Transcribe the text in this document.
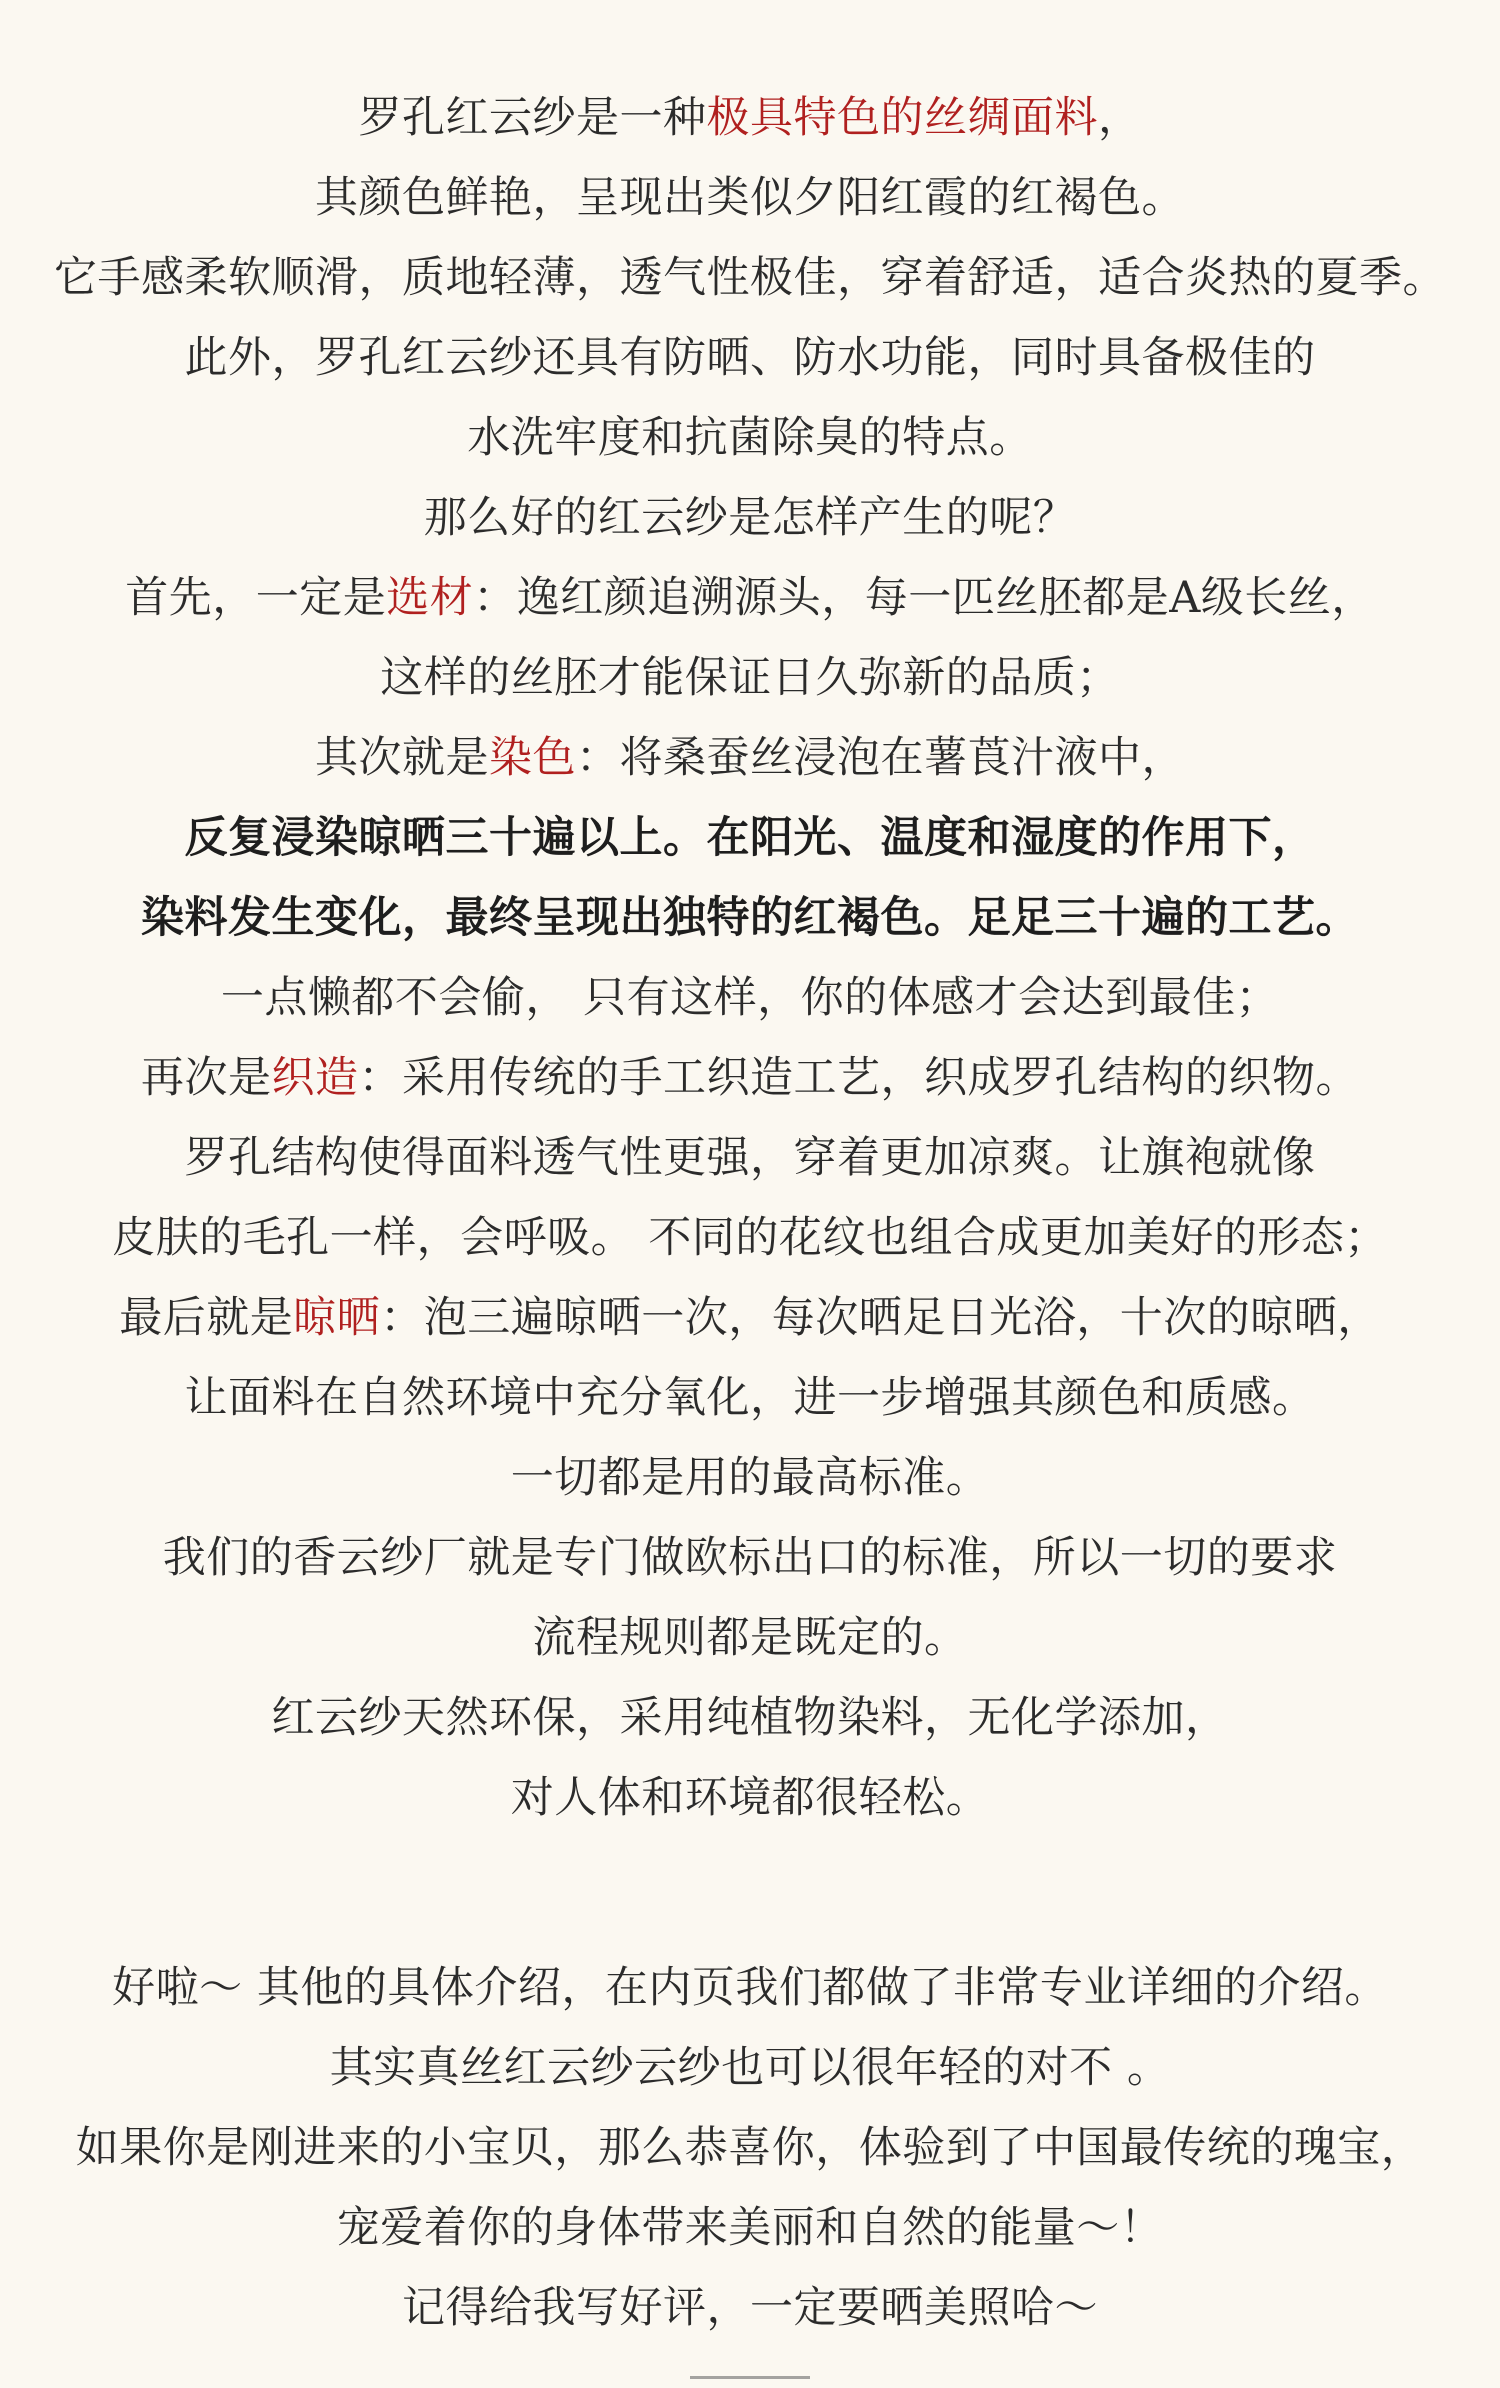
罗孔红云纱是一种极具特色的丝绸面料，
其颜色鲜艳，呈现出类似夕阳红霞的红褐色。
它手感柔软顺滑，质地轻薄，透气性极佳，穿着舒适，适合炎热的夏季。
此外，罗孔红云纱还具有防晒、防水功能，同时具备极佳的
水洗牢度和抗菌除臭的特点。
那么好的红云纱是怎样产生的呢？
首先，一定是选材：逸红颜追溯源头，每一匹丝胚都是A级长丝，
这样的丝胚才能保证日久弥新的品质；
其次就是染色：将桑蚕丝浸泡在薯莨汁液中，
反复浸染晾晒三十遍以上。在阳光、温度和湿度的作用下，
染料发生变化，最终呈现出独特的红褐色。足足三十遍的工艺。
一点懒都不会偷， 只有这样，你的体感才会达到最佳；
再次是织造：采用传统的手工织造工艺，织成罗孔结构的织物。
罗孔结构使得面料透气性更强，穿着更加凉爽。让旗袍就像
皮肤的毛孔一样，会呼吸。 不同的花纹也组合成更加美好的形态；
最后就是晾晒：泡三遍晾晒一次，每次晒足日光浴，十次的晾晒，
让面料在自然环境中充分氧化，进一步增强其颜色和质感。
一切都是用的最高标准。
我们的香云纱厂就是专门做欧标出口的标准，所以一切的要求
流程规则都是既定的。
红云纱天然环保，采用纯植物染料，无化学添加，
对人体和环境都很轻松。
好啦～ 其他的具体介绍，在内页我们都做了非常专业详细的介绍。
其实真丝红云纱云纱也可以很年轻的对不 。
如果你是刚进来的小宝贝，那么恭喜你，体验到了中国最传统的瑰宝，
宠爱着你的身体带来美丽和自然的能量～！
记得给我写好评，一定要晒美照哈～
